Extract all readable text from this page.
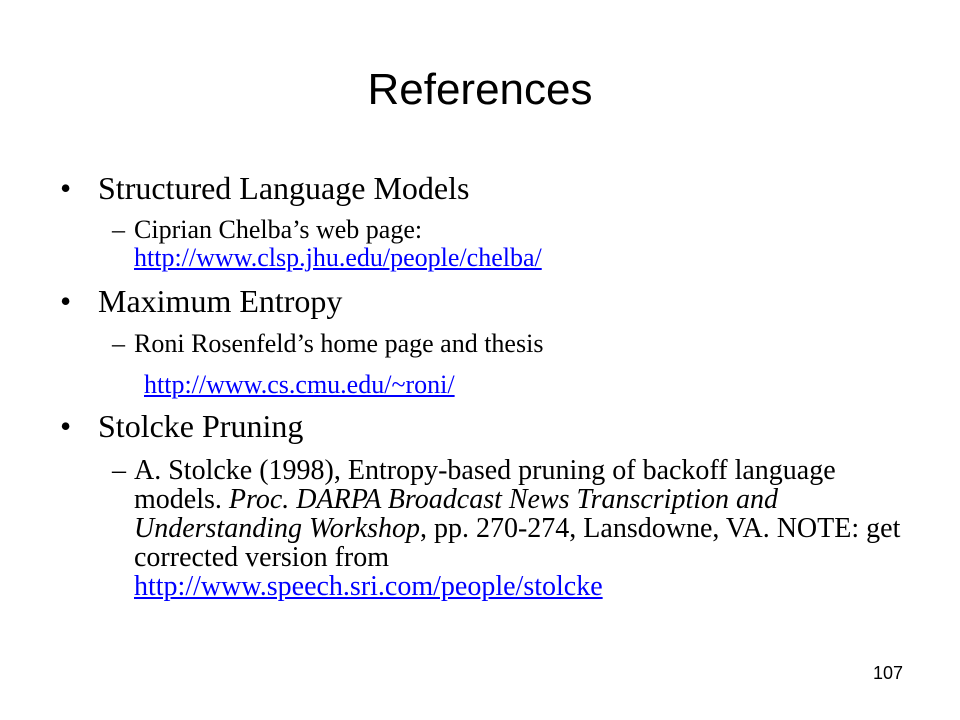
References
• Structured Language Models
– Ciprian Chelba’s web page:
http://www.clsp.jhu.edu/people/chelba/
• Maximum Entropy
– Roni Rosenfeld’s home page and thesis
http://www.cs.cmu.edu/~roni/
• Stolcke Pruning
– A. Stolcke (1998), Entropy-based pruning of backoff language models. Proc. DARPA Broadcast News Transcription and Understanding Workshop, pp. 270-274, Lansdowne, VA. NOTE: get corrected version from
http://www.speech.sri.com/people/stolcke
107
